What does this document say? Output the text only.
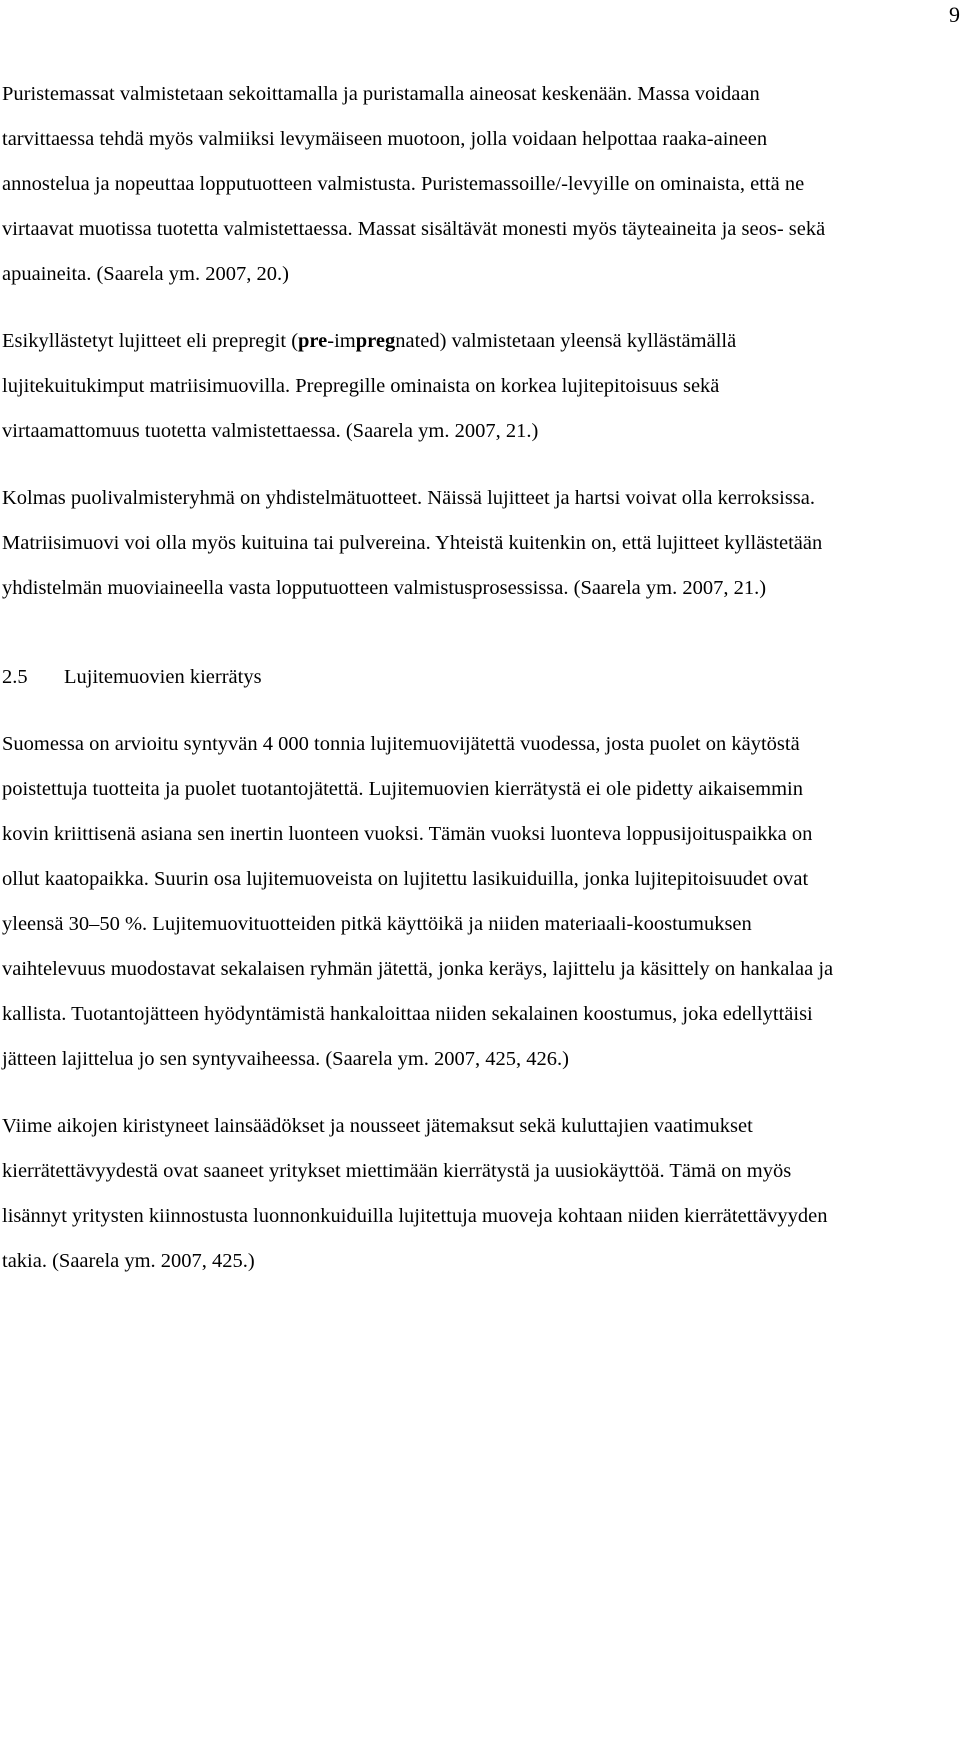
9

Puristemassat valmistetaan sekoittamalla ja puristamalla aineosat keskenään. Massa voidaan tarvittaessa tehdä myös valmiiksi levymäiseen muotoon, jolla voidaan helpottaa raaka-aineen annostelua ja nopeuttaa lopputuotteen valmistusta. Puristemassoille/-levyille on ominaista, että ne virtaavat muotissa tuotetta valmistettaessa. Massat sisältävät monesti myös täyteaineita ja seos- sekä apuaineita. (Saarela ym. 2007, 20.)

Esikyllästetyt lujitteet eli prepregit (pre-impregnated) valmistetaan yleensä kyllästämällä lujitekuitukimput matriisimuovilla. Prepregille ominaista on korkea lujitepitoisuus sekä virtaamattomuus tuotetta valmistettaessa. (Saarela ym. 2007, 21.)

Kolmas puolivalmisteryhmä on yhdistelmätuotteet. Näissä lujitteet ja hartsi voivat olla kerroksissa. Matriisimuovi voi olla myös kuituina tai pulvereina. Yhteistä kuitenkin on, että lujitteet kyllästetään yhdistelmän muoviaineella vasta lopputuotteen valmistusprosessissa. (Saarela ym. 2007, 21.)

2.5 Lujitemuovien kierrätys

Suomessa on arvioitu syntyvän 4 000 tonnia lujitemuovijätettä vuodessa, josta puolet on käytöstä poistettuja tuotteita ja puolet tuotantojätettä. Lujitemuovien kierrätystä ei ole pidetty aikaisemmin kovin kriittisenä asiana sen inertin luonteen vuoksi. Tämän vuoksi luonteva loppusijoituspaikka on ollut kaatopaikka. Suurin osa lujitemuoveista on lujitettu lasikuiduilla, jonka lujitepitoisuudet ovat yleensä 30–50 %. Lujitemuovituotteiden pitkä käyttöikä ja niiden materiaali-koostumuksen vaihtelevuus muodostavat sekalaisen ryhmän jätettä, jonka keräys, lajittelu ja käsittely on hankalaa ja kallista. Tuotantojätteen hyödyntämistä hankaloittaa niiden sekalainen koostumus, joka edellyttäisi jätteen lajittelua jo sen syntyvaiheessa. (Saarela ym. 2007, 425, 426.)

Viime aikojen kiristyneet lainsäädökset ja nousseet jätemaksut sekä kuluttajien vaatimukset kierrätettävyydestä ovat saaneet yritykset miettimään kierrätystä ja uusiokäyttöä. Tämä on myös lisännyt yritysten kiinnostusta luonnonkuiduilla lujitettuja muoveja kohtaan niiden kierrätettävyyden takia. (Saarela ym. 2007, 425.)
